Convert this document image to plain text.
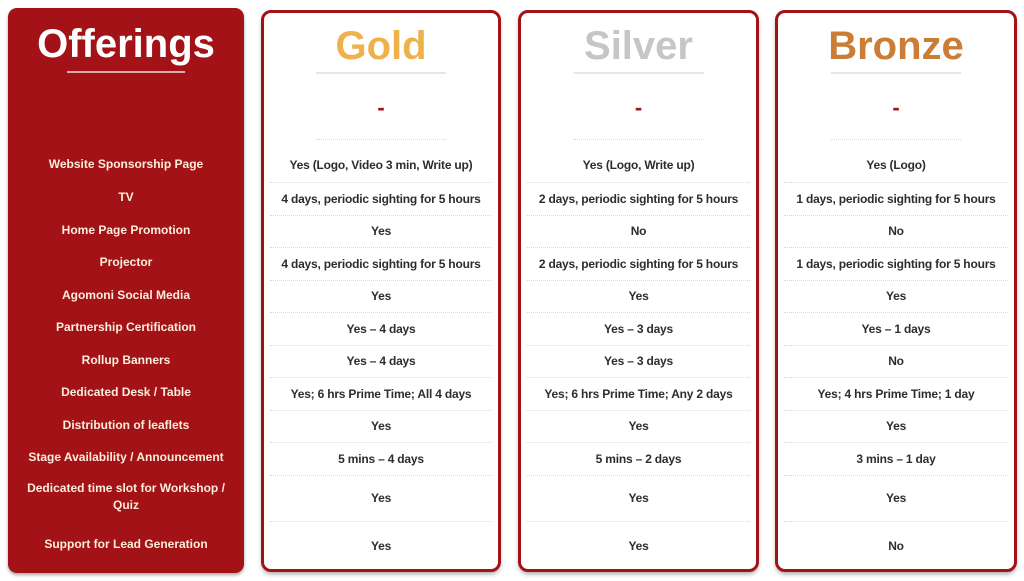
Offerings
Website Sponsorship Page
TV
Home Page Promotion
Projector
Agomoni Social Media
Partnership Certification
Rollup Banners
Dedicated Desk / Table
Distribution of leaflets
Stage Availability / Announcement
Dedicated time slot for Workshop / Quiz
Support for Lead Generation
Gold
-
Yes (Logo, Video 3 min, Write up)
4 days, periodic sighting for 5 hours
Yes
4 days, periodic sighting for 5 hours
Yes
Yes – 4 days
Yes – 4 days
Yes; 6 hrs Prime Time; All 4 days
Yes
5 mins – 4 days
Yes
Yes
Silver
-
Yes (Logo, Write up)
2 days, periodic sighting for 5 hours
No
2 days, periodic sighting for 5 hours
Yes
Yes – 3 days
Yes – 3 days
Yes; 6 hrs Prime Time; Any 2 days
Yes
5 mins – 2 days
Yes
Yes
Bronze
-
Yes (Logo)
1 days, periodic sighting for 5 hours
No
1 days, periodic sighting for 5 hours
Yes
Yes – 1 days
No
Yes; 4 hrs Prime Time; 1 day
Yes
3 mins – 1 day
Yes
No
